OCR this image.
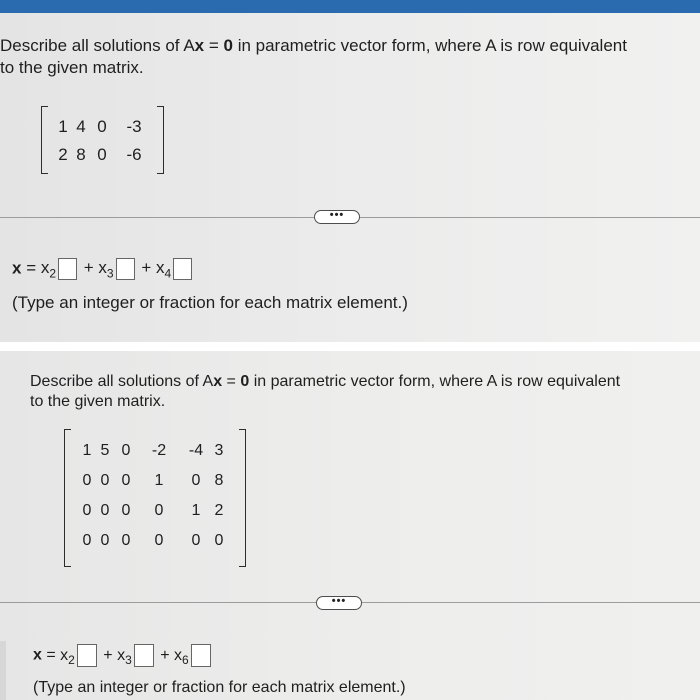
Describe all solutions of Ax = 0 in parametric vector form, where A is row equivalent
to the given matrix.
1 4 0	-3
2 8 0	-6
•••
$x = x_2 + x_3 + x_4$
(Type an integer or fraction for each matrix element.)
Describe all solutions of Ax = 0 in parametric vector form, where A is row equivalent
to the given matrix.
1 5 0	-2	-4 3
0 0 0	1	0 8
0 0 0	0	1 2
0 0 0	0	0 0
•••
$x = x_2 + x_3 + x_6$
(Type an integer or fraction for each matrix element.)
